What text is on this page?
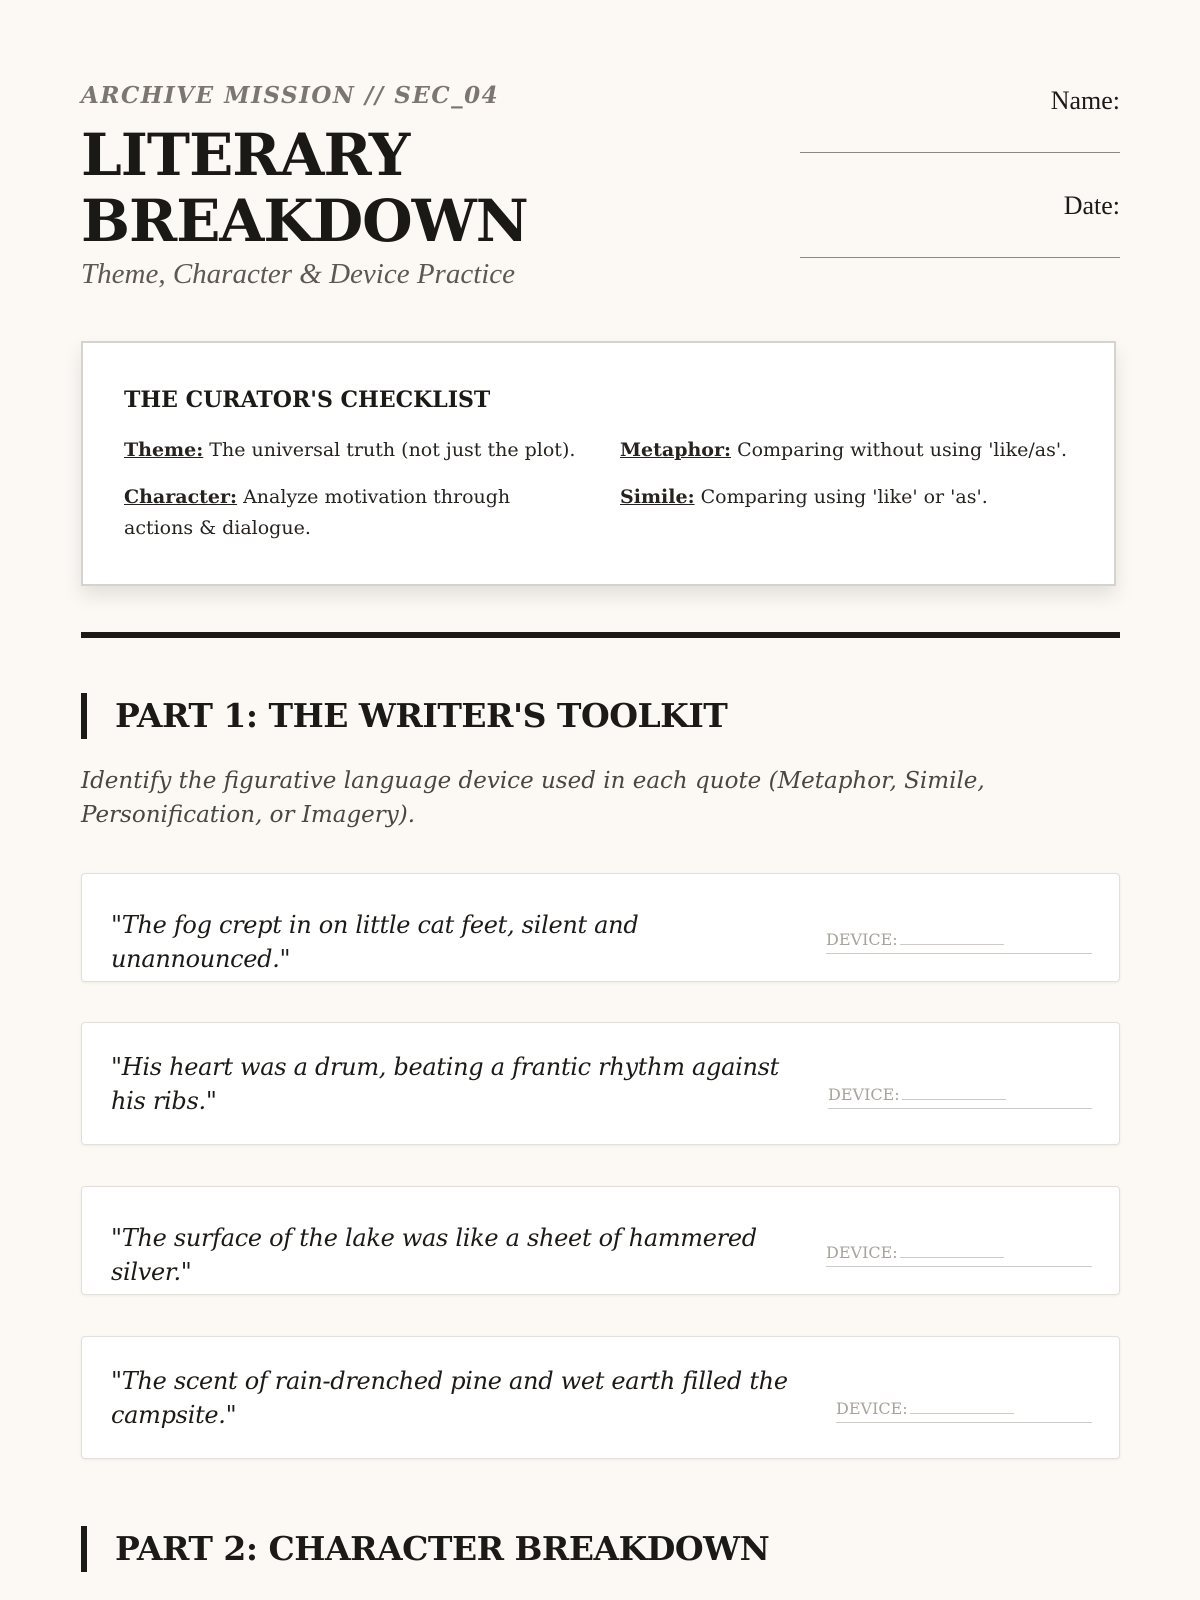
ARCHIVE MISSION // SEC_04
LITERARY
BREAKDOWN
Theme, Character & Device Practice
Name:
Date:
THE CURATOR'S CHECKLIST
Theme: The universal truth (not just the plot).
Character: Analyze motivation through actions & dialogue.
Metaphor: Comparing without using 'like/as'.
Simile: Comparing using 'like' or 'as'.
PART 1: THE WRITER'S TOOLKIT
Identify the figurative language device used in each quote (Metaphor, Simile, Personification, or Imagery).
"The fog crept in on little cat feet, silent and unannounced."
DEVICE:
"His heart was a drum, beating a frantic rhythm against his ribs."	DEVICE:
"The surface of the lake was like a sheet of hammered silver."
DEVICE:
"The scent of rain-drenched pine and wet earth filled the campsite."	DEVICE:
PART 2: CHARACTER BREAKDOWN
